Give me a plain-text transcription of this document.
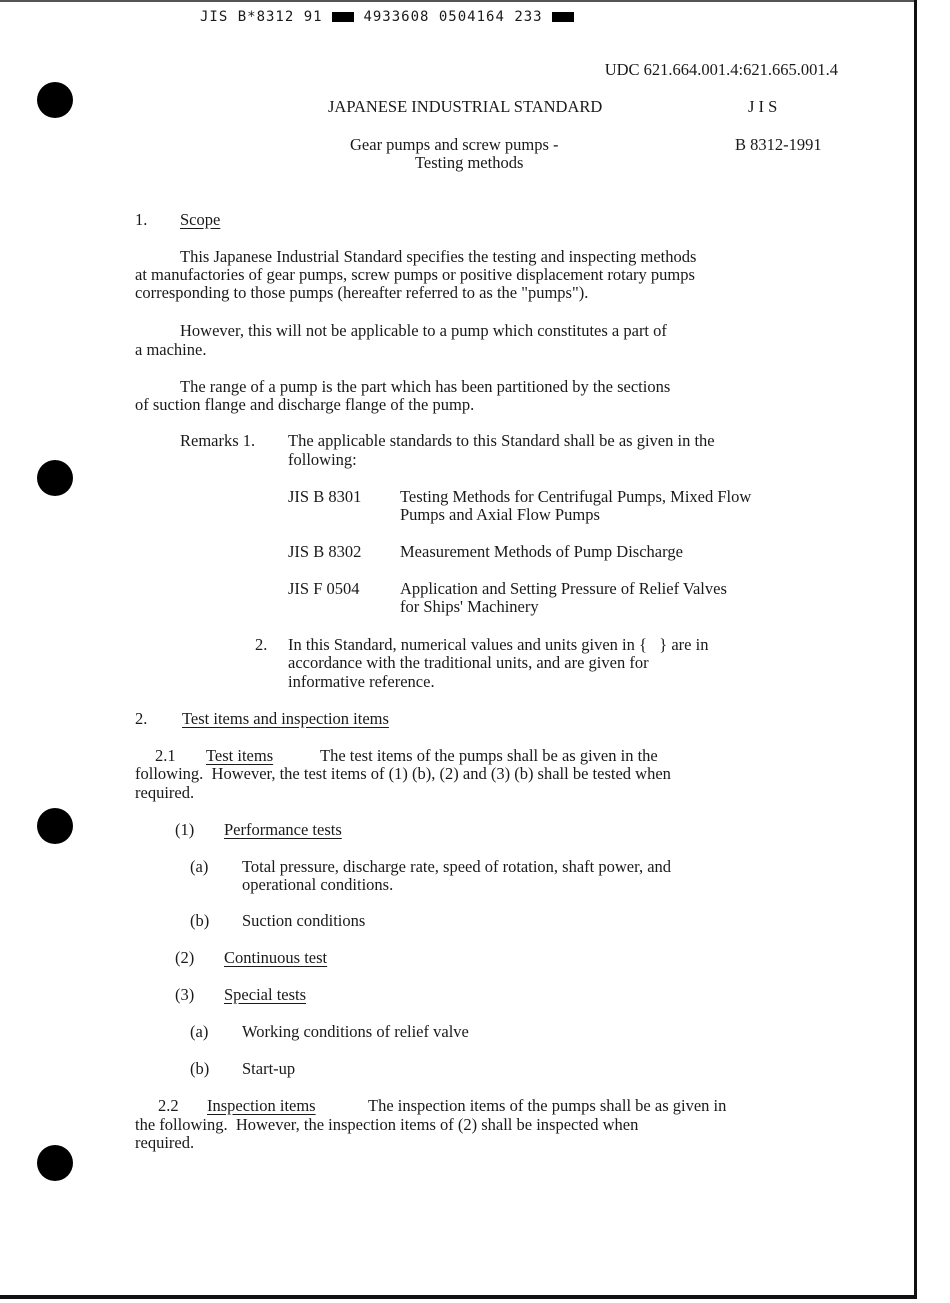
JIS B*8312 91	4933608 0504164 233
UDC 621.664.001.4:621.665.001.4
JAPANESE INDUSTRIAL STANDARD	J I S
Gear pumps and screw pumps -
Testing methods
B 8312-1991
1. Scope
This Japanese Industrial Standard specifies the testing and inspecting methods
at manufactories of gear pumps, screw pumps or positive displacement rotary pumps
corresponding to those pumps (hereafter referred to as the "pumps").
However, this will not be applicable to a pump which constitutes a part of
a machine.
The range of a pump is the part which has been partitioned by the sections
of suction flange and discharge flange of the pump.
Remarks 1. The applicable standards to this Standard shall be as given in the
following:
JIS B 8301 Testing Methods for Centrifugal Pumps, Mixed Flow
Pumps and Axial Flow Pumps
JIS B 8302 Measurement Methods of Pump Discharge
JIS F 0504 Application and Setting Pressure of Relief Valves
for Ships' Machinery
2. In this Standard, numerical values and units given in {   } are in
accordance with the traditional units, and are given for
informative reference.
2. Test items and inspection items
2.1 Test items	The test items of the pumps shall be as given in the
following.  However, the test items of (1) (b), (2) and (3) (b) shall be tested when
required.
(1) Performance tests
(a) Total pressure, discharge rate, speed of rotation, shaft power, and
operational conditions.
(b) Suction conditions
(2) Continuous test
(3) Special tests
(a) Working conditions of relief valve
(b) Start-up
2.2 Inspection items	The inspection items of the pumps shall be as given in
the following.  However, the inspection items of (2) shall be inspected when
required.
